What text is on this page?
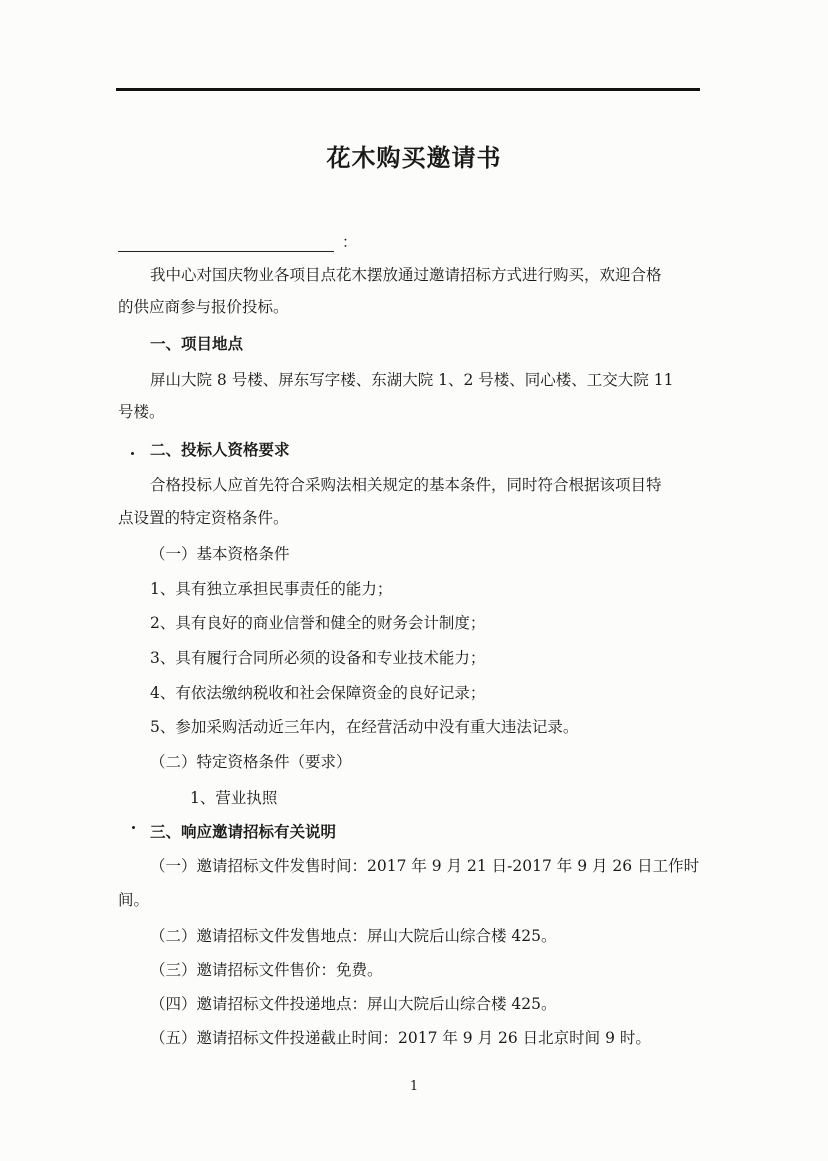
花木购买邀请书
：
我中心对国庆物业各项目点花木摆放通过邀请招标方式进行购买，欢迎合格
的供应商参与报价投标。
一、项目地点
屏山大院 8 号楼、屏东写字楼、东湖大院 1、2 号楼、同心楼、工交大院 11
号楼。
二、投标人资格要求
合格投标人应首先符合采购法相关规定的基本条件，同时符合根据该项目特
点设置的特定资格条件。
（一）基本资格条件
1、具有独立承担民事责任的能力；
2、具有良好的商业信誉和健全的财务会计制度；
3、具有履行合同所必须的设备和专业技术能力；
4、有依法缴纳税收和社会保障资金的良好记录；
5、参加采购活动近三年内，在经营活动中没有重大违法记录。
（二）特定资格条件（要求）
1、营业执照
三、响应邀请招标有关说明
（一）邀请招标文件发售时间：2017 年 9 月 21 日-2017 年 9 月 26 日工作时
间。
（二）邀请招标文件发售地点：屏山大院后山综合楼 425。
（三）邀请招标文件售价：免费。
（四）邀请招标文件投递地点：屏山大院后山综合楼 425。
（五）邀请招标文件投递截止时间：2017 年 9 月 26 日北京时间 9 时。
1
